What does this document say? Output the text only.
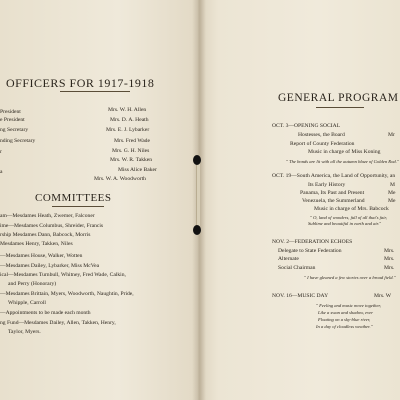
OFFICERS FOR 1917-1918
President
e President
ng Secretary
nding Secretary
r
a
Mrs. W. H. Allen
Mrs. D. A. Heath
Mrs. E. J. Lybarker
Mrs. Fred Wade
Mrs. G. H. Niles
Mrs. W. R. Takken
Miss Alice Baker
Mrs. W. A. Woodworth
COMMITTEES
am—Mesdames Heath, Zwemer, Falconer
ime—Mesdames Columbus, Shreider, Francis
rship Mesdames Dann, Babcock, Morris
Mesdames Henry, Takken, Niles
—Mesdames House, Walker, Wotten
—Mesdames Dailey, Lybarker, Miss McVea
ical—Mesdames Turnbull, Whitney, Fred Wade, Calkin,
and Perry (Honorary)
—Mesdames Brittain, Myers, Woodworth, Naughtin, Pride,
Whipple, Carroll
—Appointments to be made each month
ng Fund—Mesdames Dailey, Allen, Takken, Henry,
Taylor, Myers.
GENERAL PROGRAM
OCT. 3—OPENING SOCIAL
Hostesses, the Board
Report of County Federation
Music in charge of Miss Koning
Mr
" The bonds are lit with all the autumn blaze of Golden Rod."
OCT. 19—South America, the Land of Opportunity, an
Its Early History
Panama, Its Past and Present
Venezuela, the Summerland
Music in charge of Mrs. Babcock
M
Me
Me
" O, land of wonders, full of all that's fair,
Sublime and beautiful in earth and air."
NOV. 2—FEDERATION ECHOES
Delegate to State Federation
Alternate
Social Chairman
Mrs.
Mrs.
Mrs.
" I have gleaned a few stories over a broad field."
NOV. 16—MUSIC DAY	Mrs. W
" Feeling and music move together,
Like a swan and shadow, ever
Floating on a sky-blue river,
In a day of cloudless weather."
